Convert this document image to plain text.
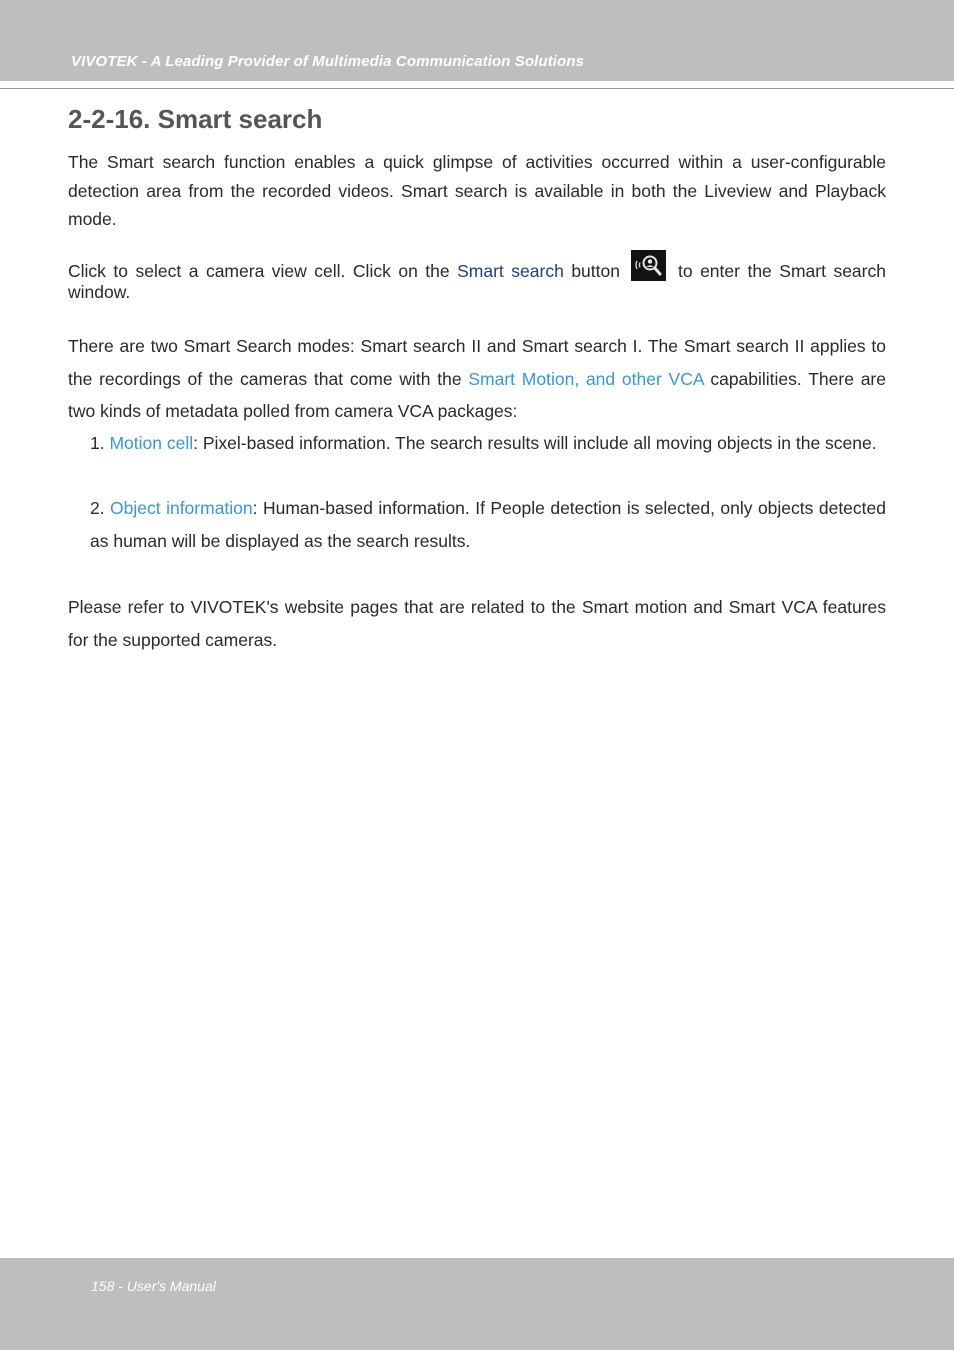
VIVOTEK - A Leading Provider of Multimedia Communication Solutions
2-2-16. Smart search

The Smart search function enables a quick glimpse of activities occurred within a user-configurable detection area from the recorded videos. Smart search is available in both the Liveview and Playback mode.

Click to select a camera view cell. Click on the Smart search button
to enter the Smart search window.

There are two Smart Search modes: Smart search II and Smart search I. The Smart search II applies to the recordings of the cameras that come with the Smart Motion, and other VCA capabilities. There are two kinds of metadata polled from camera VCA packages:

1. Motion cell: Pixel-based information. The search results will include all moving objects in the scene.

2. Object information: Human-based information. If People detection is selected, only objects detected as human will be displayed as the search results.

Please refer to VIVOTEK's website pages that are related to the Smart motion and Smart VCA features for the supported cameras.

158 - User's Manual
